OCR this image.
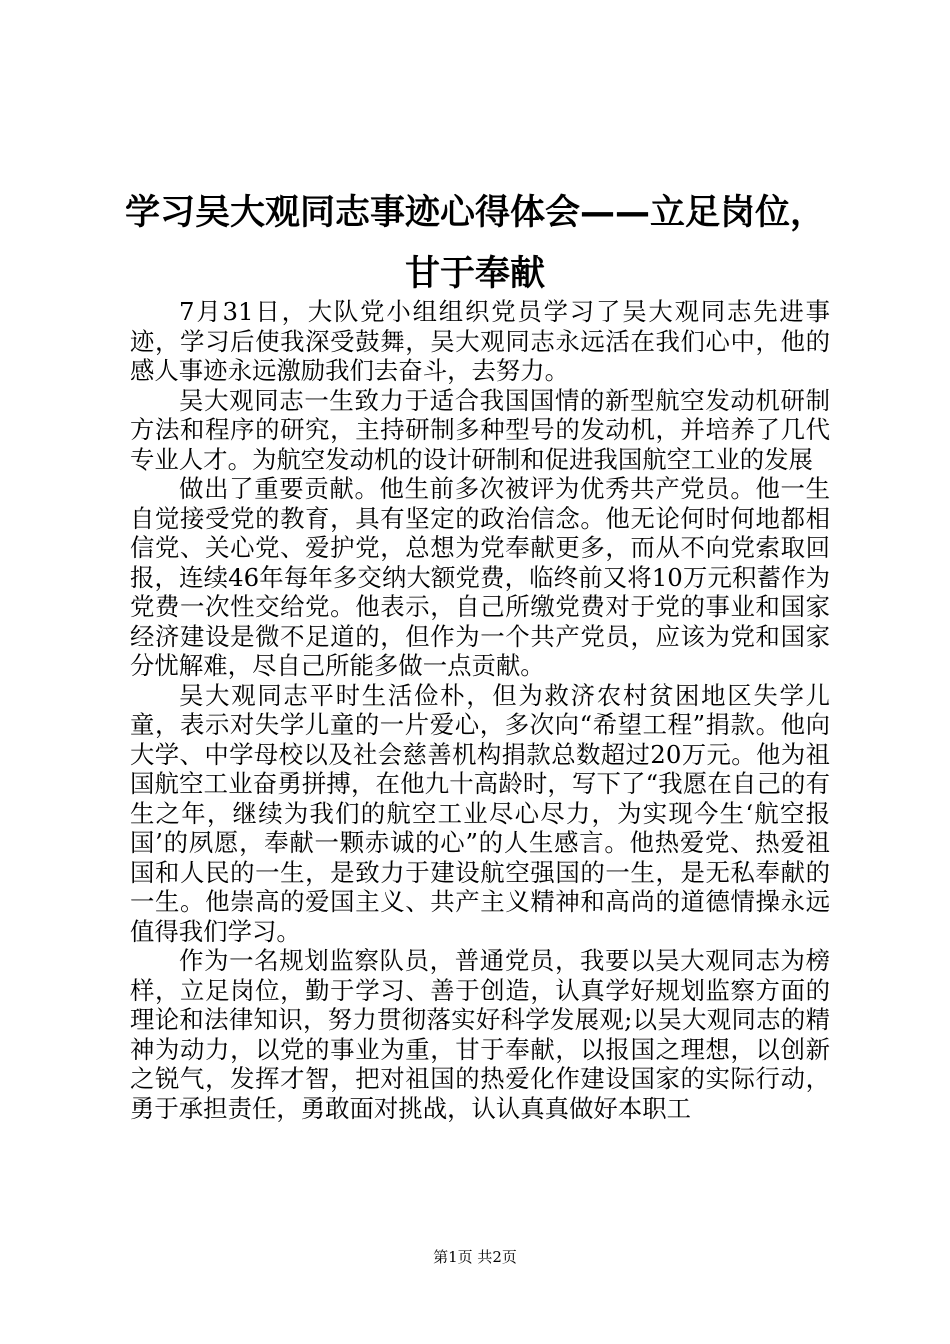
学习吴大观同志事迹心得体会——立足岗位，
甘于奉献

7月31日，大队党小组组织党员学习了吴大观同志先进事迹，学习后使我深受鼓舞，吴大观同志永远活在我们心中，他的感人事迹永远激励我们去奋斗，去努力。

吴大观同志一生致力于适合我国国情的新型航空发动机研制方法和程序的研究，主持研制多种型号的发动机，并培养了几代专业人才。为航空发动机的设计研制和促进我国航空工业的发展

做出了重要贡献。他生前多次被评为优秀共产党员。他一生自觉接受党的教育，具有坚定的政治信念。他无论何时何地都相信党、关心党、爱护党，总想为党奉献更多，而从不向党索取回报，连续46年每年多交纳大额党费，临终前又将10万元积蓄作为党费一次性交给党。他表示，自己所缴党费对于党的事业和国家经济建设是微不足道的，但作为一个共产党员，应该为党和国家分忧解难，尽自己所能多做一点贡献。

吴大观同志平时生活俭朴，但为救济农村贫困地区失学儿童，表示对失学儿童的一片爱心，多次向“希望工程”捐款。他向大学、中学母校以及社会慈善机构捐款总数超过20万元。他为祖国航空工业奋勇拼搏，在他九十高龄时，写下了“我愿在自己的有生之年，继续为我们的航空工业尽心尽力，为实现今生‘航空报国’的夙愿，奉献一颗赤诚的心”的人生感言。他热爱党、热爱祖国和人民的一生，是致力于建设航空强国的一生，是无私奉献的一生。他崇高的爱国主义、共产主义精神和高尚的道德情操永远值得我们学习。

作为一名规划监察队员，普通党员，我要以吴大观同志为榜样，立足岗位，勤于学习、善于创造，认真学好规划监察方面的理论和法律知识，努力贯彻落实好科学发展观;以吴大观同志的精神为动力，以党的事业为重，甘于奉献，以报国之理想，以创新之锐气，发挥才智，把对祖国的热爱化作建设国家的实际行动，勇于承担责任，勇敢面对挑战，认认真真做好本职工

第1页 共2页
